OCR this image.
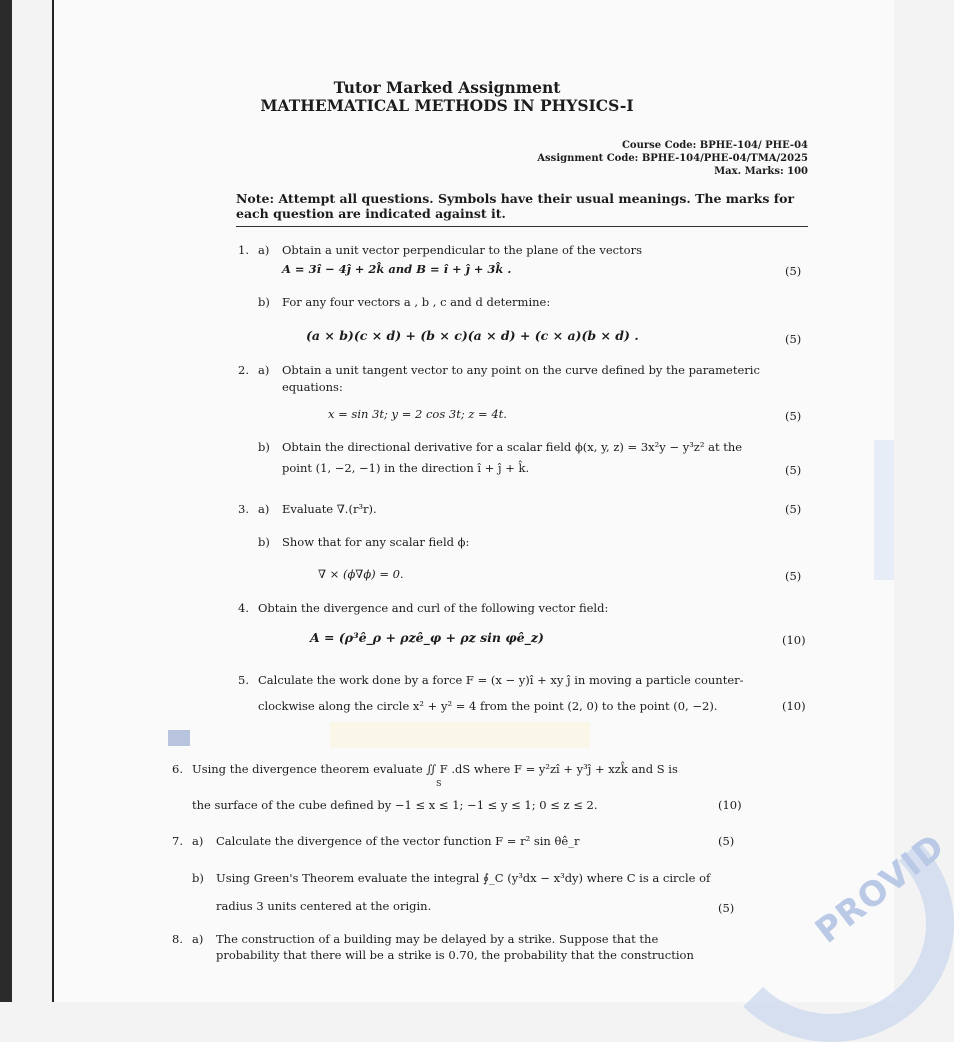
PROVID
Tutor Marked Assignment
MATHEMATICAL METHODS IN PHYSICS-I
Course Code: BPHE-104/ PHE-04
Assignment Code: BPHE-104/PHE-04/TMA/2025
Max. Marks: 100
Note: Attempt all questions. Symbols have their usual meanings. The marks for each question are indicated against it.
1. a) Obtain a unit vector perpendicular to the plane of the vectors
A = 3î − 4ĵ + 2k̂ and B = î + ĵ + 3k̂ .	(5)
b) For any four vectors a , b , c and d determine:
(a × b)(c × d) + (b × c)(a × d) + (c × a)(b × d) .	(5)
2. a) Obtain a unit tangent vector to any point on the curve defined by the parameteric
equations:
x = sin 3t; y = 2 cos 3t; z = 4t.	(5)
b) Obtain the directional derivative for a scalar field ϕ(x, y, z) = 3x²y − y³z² at the
point (1, −2, −1) in the direction î + ĵ + k̂.	(5)
3. a) Evaluate ∇.(r³r).	(5)
b) Show that for any scalar field ϕ:
∇ × (ϕ∇ϕ) = 0.	(5)
4. Obtain the divergence and curl of the following vector field:
A = (ρ³ê_ρ + ρzê_φ + ρz sin φê_z)	(10)
5. Calculate the work done by a force F = (x − y)î + xy ĵ in moving a particle counter-
clockwise along the circle x² + y² = 4 from the point (2, 0) to the point (0, −2).	(10)
6. Using the divergence theorem evaluate ∬ F .dS where F = y²zî + y³ĵ + xzk̂ and S is
S
the surface of the cube defined by −1 ≤ x ≤ 1; −1 ≤ y ≤ 1; 0 ≤ z ≤ 2.	(10)
7. a) Calculate the divergence of the vector function F = r² sin θê_r	(5)
b) Using Green's Theorem evaluate the integral ∮_C (y³dx − x³dy) where C is a circle of
radius 3 units centered at the origin.	(5)
8. a) The construction of a building may be delayed by a strike. Suppose that the
probability that there will be a strike is 0.70, the probability that the construction
